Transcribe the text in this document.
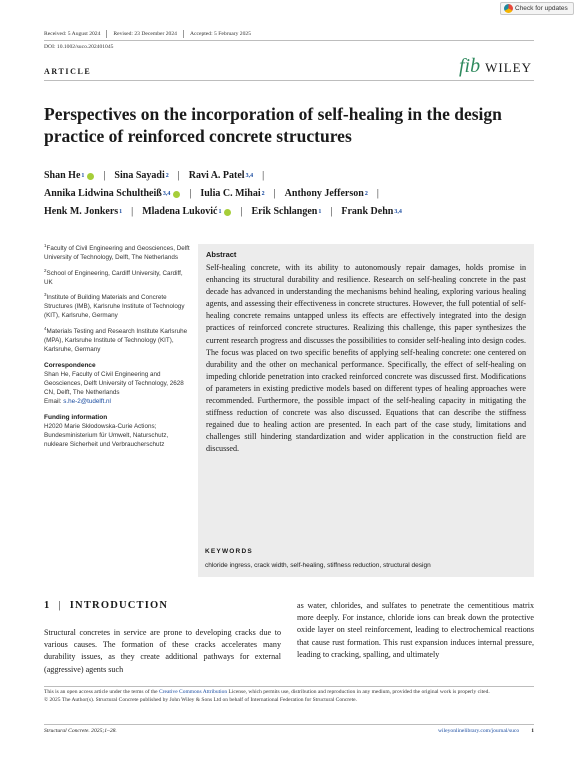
Check for updates
Received: 5 August 2024 Revised: 23 December 2024 Accepted: 5 February 2025
DOI: 10.1002/suco.202401045
ARTICLE	fib WILEY
Perspectives on the incorporation of self-healing in the design practice of reinforced concrete structures
Shan He 1 | Sina Sayadi 2 | Ravi A. Patel 3,4 |
Annika Lidwina Schultheiß 3,4 | Iulia C. Mihai 2 | Anthony Jefferson 2 |
Henk M. Jonkers 1 | Mladena Luković 1 | Erik Schlangen 1 | Frank Dehn 3,4
$^1$Faculty of Civil Engineering and Geosciences, Delft University of Technology, Delft, The Netherlands
$^2$School of Engineering, Cardiff University, Cardiff, UK
$^3$Institute of Building Materials and Concrete Structures (IMB), Karlsruhe Institute of Technology (KIT), Karlsruhe, Germany
$^4$Materials Testing and Research Institute Karlsruhe (MPA), Karlsruhe Institute of Technology (KIT), Karlsruhe, Germany
Correspondence
Shan He, Faculty of Civil Engineering and Geosciences, Delft University of Technology, 2628 CN, Delft, The Netherlands
Email: s.he-2@tudelft.nl
Funding information
H2020 Marie Skłodowska-Curie Actions; Bundesministerium für Umwelt, Naturschutz, nukleare Sicherheit und Verbraucherschutz
Abstract

Self-healing concrete, with its ability to autonomously repair damages, holds promise in enhancing its structural durability and resilience. Research on self-healing concrete in the past decade has advanced in understanding the mechanisms behind healing, exploring various healing agents, and assessing their effectiveness in concrete structures. However, the full potential of self-healing concrete remains untapped unless its effects are effectively integrated into the design practices of reinforced concrete structures. Realizing this challenge, this paper synthesizes the current research progress and discusses the possibilities to consider self-healing into design codes. The focus was placed on two specific benefits of applying self-healing concrete: one centered on durability and the other on mechanical performance. Specifically, the effect of self-healing on impeding chloride penetration into cracked reinforced concrete was discussed first. Modifications of parameters in existing predictive models based on different types of healing approaches were recommended. Furthermore, the possible impact of the self-healing capacity in mitigating the stiffness reduction of concrete was also discussed. Equations that can describe the stiffness regained due to healing action are presented. In each part of the case study, limitations and challenges still hindering standardization and wider application in the construction field are discussed.

KEYWORDS
chloride ingress, crack width, self-healing, stiffness reduction, structural design
1 | INTRODUCTION

Structural concretes in service are prone to developing cracks due to various causes. The formation of these cracks accelerates many durability issues, as they create additional pathways for external (aggressive) agents such

as water, chlorides, and sulfates to penetrate the cementitious matrix more deeply. For instance, chloride ions can break down the protective oxide layer on steel reinforcement, leading to electrochemical reactions that cause rust formation. This rust expansion induces internal pressure, leading to cracking, spalling, and ultimately

This is an open access article under the terms of the Creative Commons Attribution License, which permits use, distribution and reproduction in any medium, provided the original work is properly cited.
© 2025 The Author(s). Structural Concrete published by John Wiley & Sons Ltd on behalf of International Federation for Structural Concrete.
Structural Concrete. 2025;1–28.	wileyonlinelibrary.com/journal/suco 1
